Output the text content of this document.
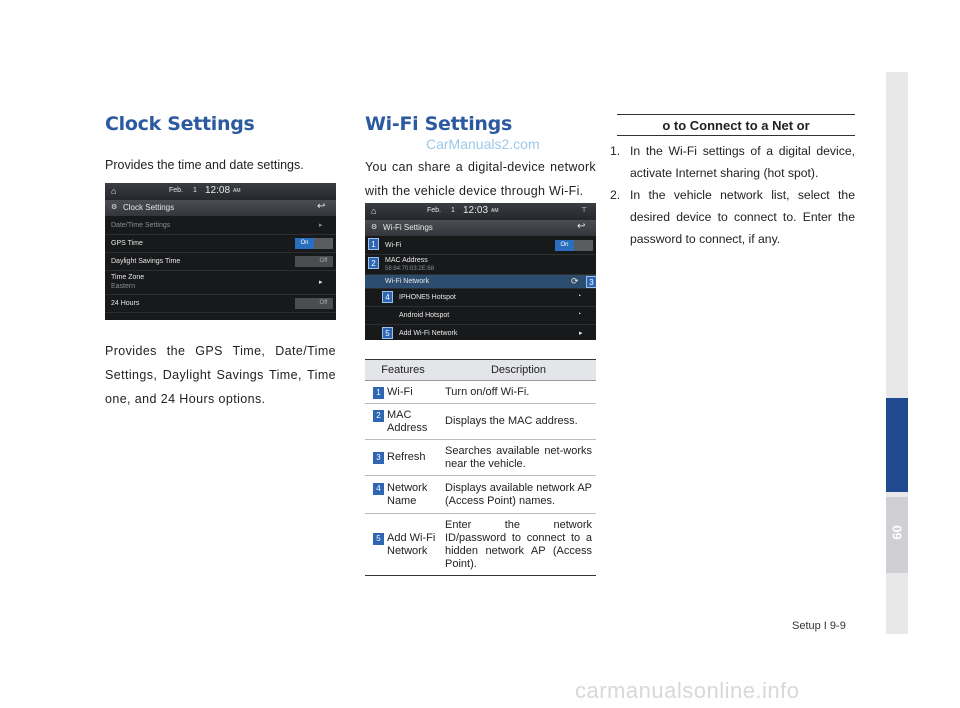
09
Clock Settings

Provides the time and date settings.

⌂	Feb. 1 12:08 AM
⚙ Clock Settings	↩
Date/Time Settings	▸
GPS Time	On
Daylight Savings Time	Off
Time Zone
Eastern
▸
24 Hours	Off

Provides the GPS Time, Date/Time Settings, Daylight Savings Time, Time one, and 24 Hours options.

Wi-Fi Settings
CarManuals2.com

You can share a digital-device network with the vehicle device through Wi-Fi.

⌂	Feb. 1 12:03 AM	⊤
⚙ Wi-Fi Settings	↩
Wi-Fi	On
MAC Address
58:84:70:03:2E:68
Wi-Fi Network	⟳
IPHONE5 Hotspot	◔
Android Hotspot	◔
Add Wi-Fi Network	▸
1
2
3
4
5
Features	Description

1 Wi-Fi	Turn on/off Wi-Fi.

2 MAC Address	Displays the MAC address.

3 Refresh	Searches available net-works near the vehicle.

4 Network Name	Displays available network AP (Access Point) names.

5 Add Wi-Fi Network	Enter the network ID/password to connect to a hidden network AP (Access Point).
o to Connect to a Net or
1. In the Wi-Fi settings of a digital device, activate Internet sharing (hot spot).
2. In the vehicle network list, select the desired device to connect to. Enter the password to connect, if any.
Setup I 9-9
carmanualsonline.info
